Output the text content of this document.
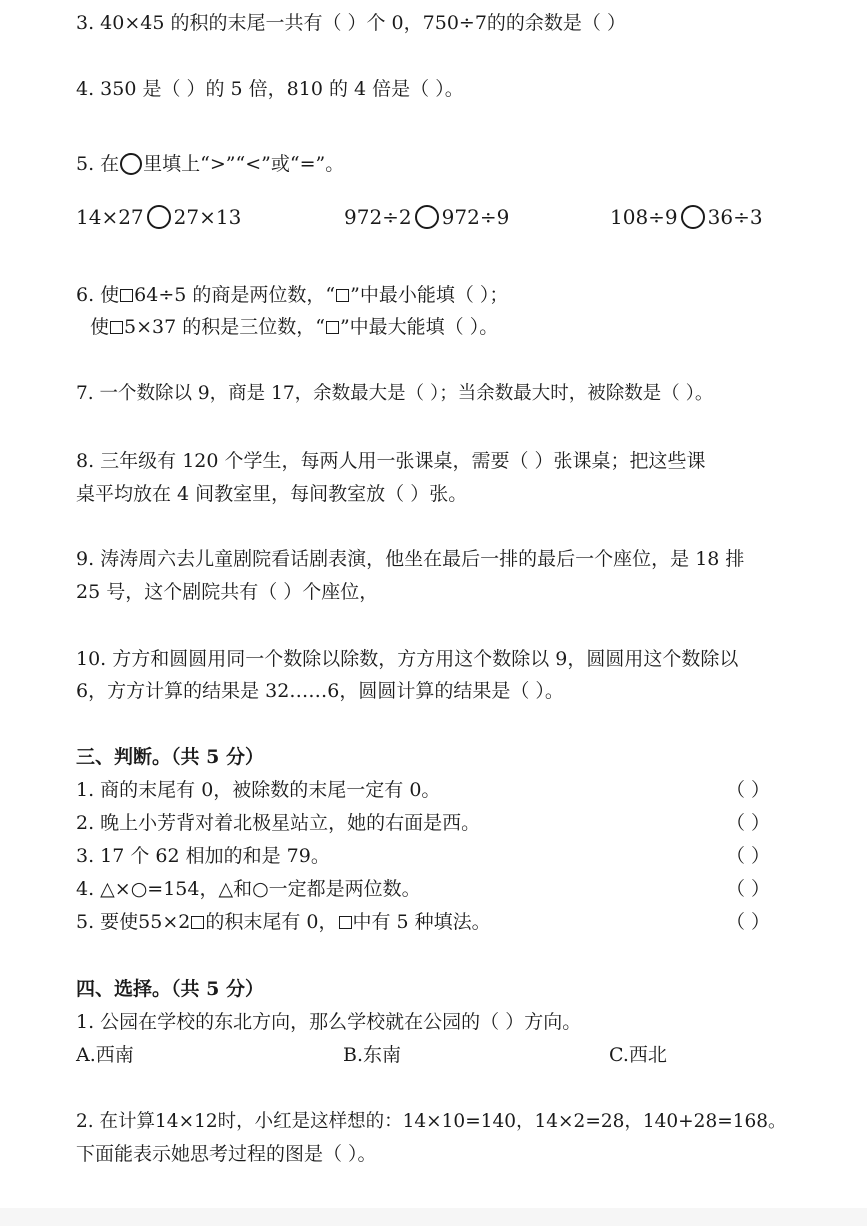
3. 40×45 的积的末尾一共有（ ）个 0，750÷7的的余数是（ ）
4. 350 是（ ）的 5 倍，810 的 4 倍是（ ）。
5. 在 里填上“>”“<”或“=”。
14×27 27×13	972÷2 972÷9	108÷9 36÷3
6. 使 64÷5 的商是两位数，“ ”中最小能填（ ）；
使 5×37 的积是三位数，“ ”中最大能填（ ）。
7. 一个数除以 9，商是 17，余数最大是（ ）；当余数最大时，被除数是（ ）。
8. 三年级有 120 个学生，每两人用一张课桌，需要（ ）张课桌；把这些课
桌平均放在 4 间教室里，每间教室放（ ）张。
9. 涛涛周六去儿童剧院看话剧表演，他坐在最后一排的最后一个座位，是 18 排
25 号，这个剧院共有（ ）个座位，
10. 方方和圆圆用同一个数除以除数，方方用这个数除以 9，圆圆用这个数除以
6，方方计算的结果是 32……6，圆圆计算的结果是（ ）。
三、判断。（共 5 分）
1. 商的末尾有 0，被除数的末尾一定有 0。	（ ）
2. 晚上小芳背对着北极星站立，她的右面是西。	（ ）
3. 17 个 62 相加的和是 79。	（ ）
4. △×○=154，△和○一定都是两位数。	（ ）
5. 要使55×2 的积末尾有 0， 中有 5 种填法。	（ ）
四、选择。（共 5 分）
1. 公园在学校的东北方向，那么学校就在公园的（ ）方向。
A.西南	B.东南	C.西北
2. 在计算14×12时，小红是这样想的：14×10=140，14×2=28，140+28=168。
下面能表示她思考过程的图是（ ）。
